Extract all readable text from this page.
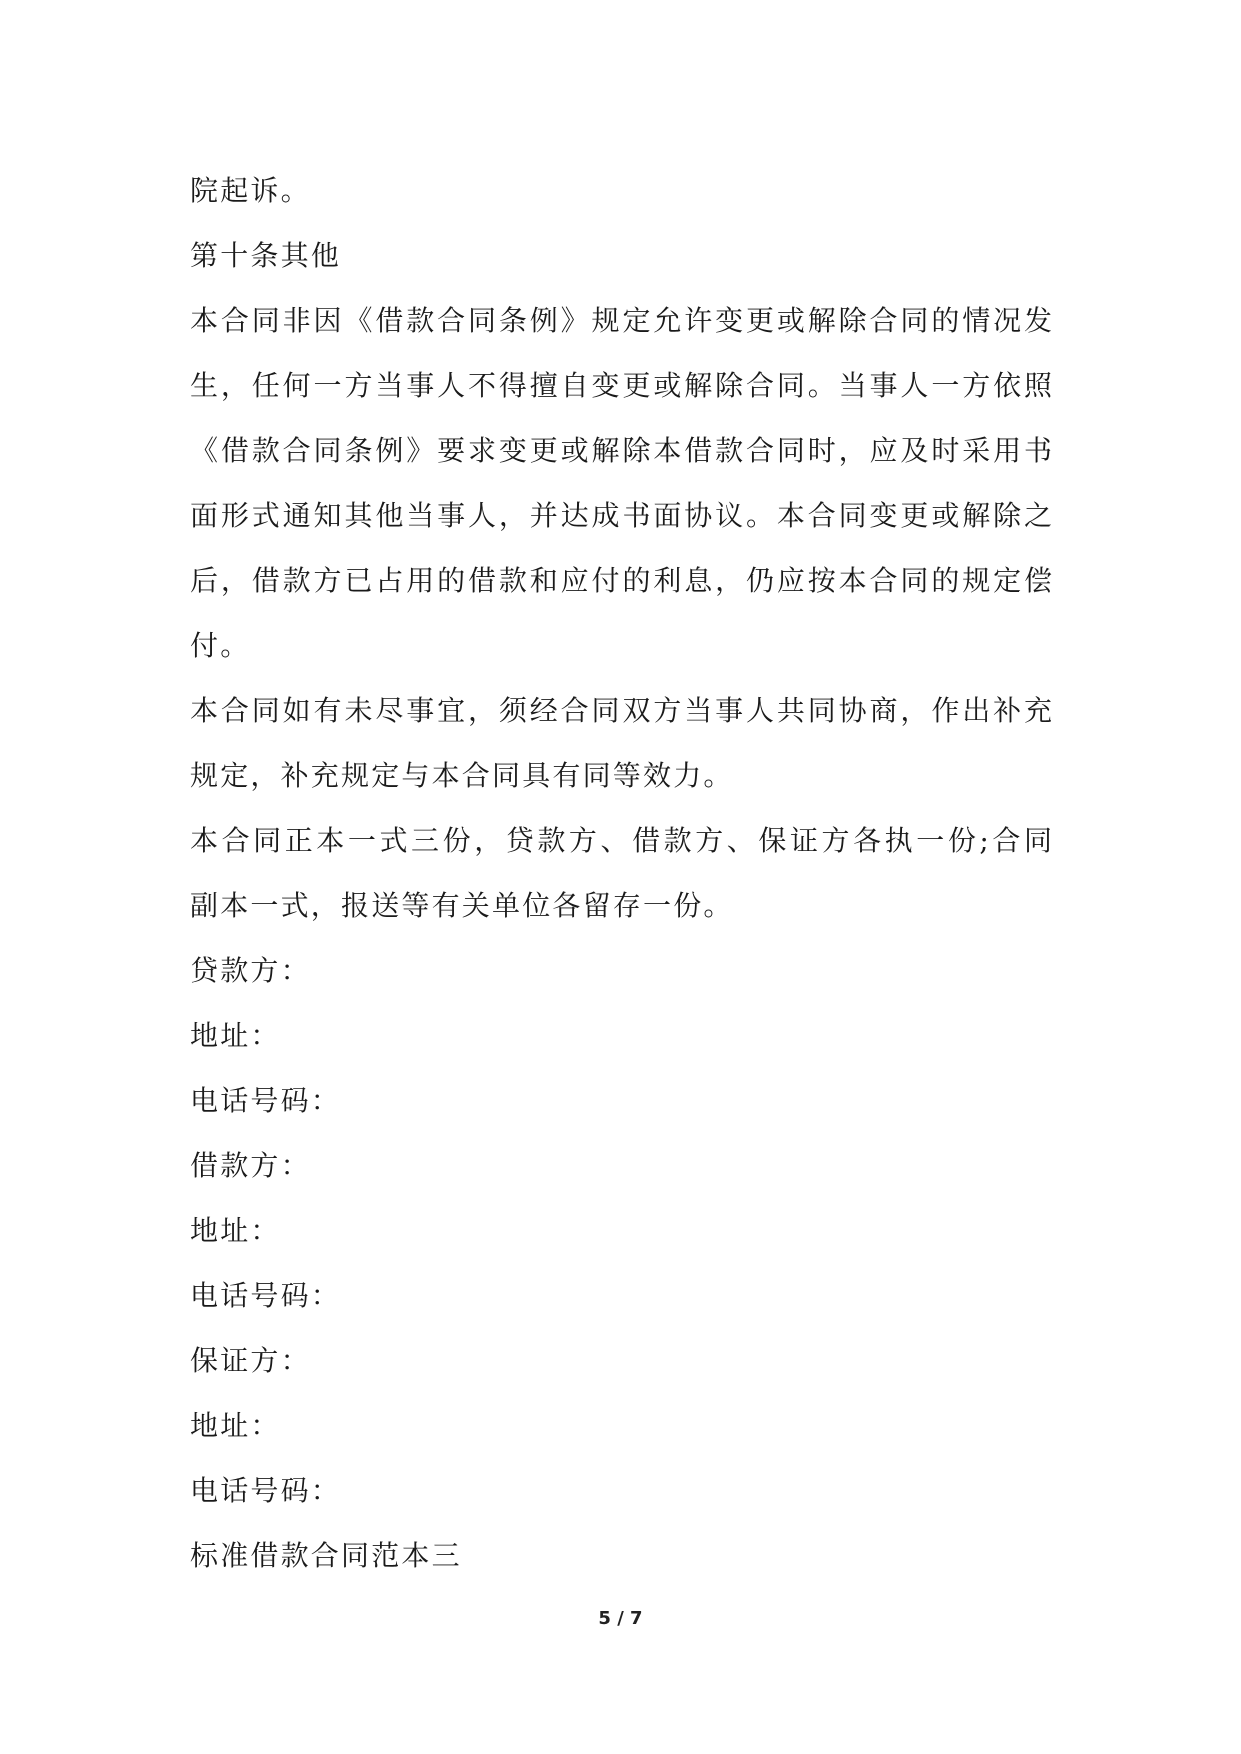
院起诉。
第十条其他
本合同非因《借款合同条例》规定允许变更或解除合同的情况发
生，任何一方当事人不得擅自变更或解除合同。当事人一方依照
《借款合同条例》要求变更或解除本借款合同时，应及时采用书
面形式通知其他当事人，并达成书面协议。本合同变更或解除之
后，借款方已占用的借款和应付的利息，仍应按本合同的规定偿
付。
本合同如有未尽事宜，须经合同双方当事人共同协商，作出补充
规定，补充规定与本合同具有同等效力。
本合同正本一式三份，贷款方、借款方、保证方各执一份;合同
副本一式，报送等有关单位各留存一份。
贷款方：
地址：
电话号码：
借款方：
地址：
电话号码：
保证方：
地址：
电话号码：
标准借款合同范本三
5 / 7
